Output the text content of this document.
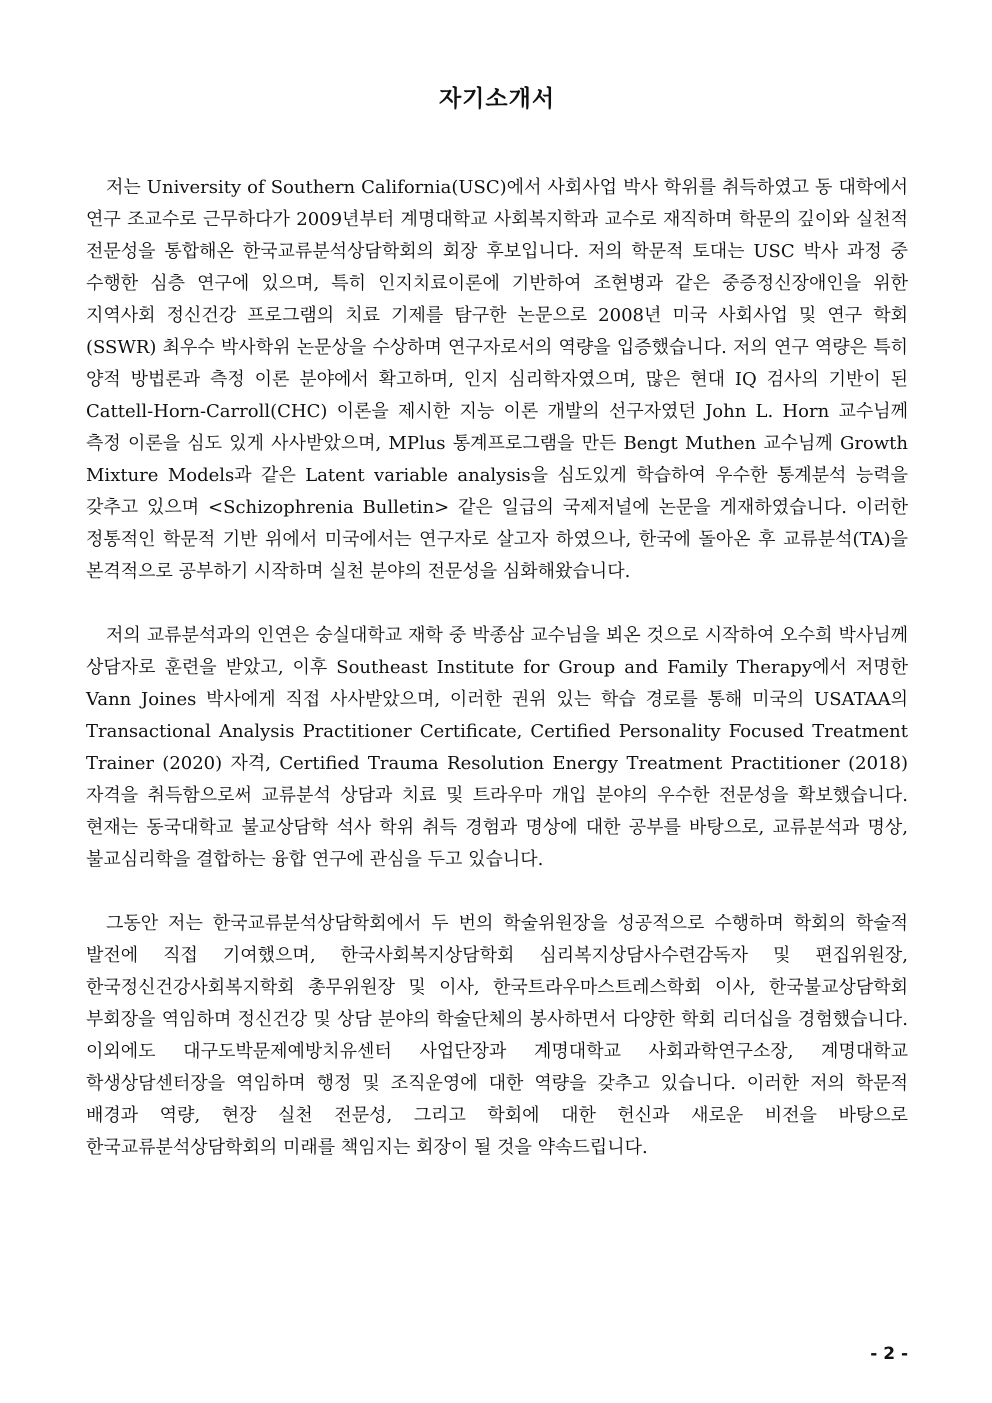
자기소개서

저는 University of Southern California(USC)에서 사회사업 박사 학위를 취득하였고 동 대학에서 연구 조교수로 근무하다가 2009년부터 계명대학교 사회복지학과 교수로 재직하며 학문의 깊이와 실천적 전문성을 통합해온 한국교류분석상담학회의 회장 후보입니다. 저의 학문적 토대는 USC 박사 과정 중 수행한 심층 연구에 있으며, 특히 인지치료이론에 기반하여 조현병과 같은 중증정신장애인을 위한 지역사회 정신건강 프로그램의 치료 기제를 탐구한 논문으로 2008년 미국 사회사업 및 연구 학회(SSWR) 최우수 박사학위 논문상을 수상하며 연구자로서의 역량을 입증했습니다. 저의 연구 역량은 특히 양적 방법론과 측정 이론 분야에서 확고하며, 인지 심리학자였으며, 많은 현대 IQ 검사의 기반이 된 Cattell-Horn-Carroll(CHC) 이론을 제시한 지능 이론 개발의 선구자였던 John L. Horn 교수님께 측정 이론을 심도 있게 사사받았으며, MPlus 통계프로그램을 만든 Bengt Muthen 교수님께 Growth Mixture Models과 같은 Latent variable analysis을 심도있게 학습하여 우수한 통계분석 능력을 갖추고 있으며 <Schizophrenia Bulletin> 같은 일급의 국제저널에 논문을 게재하였습니다. 이러한 정통적인 학문적 기반 위에서 미국에서는 연구자로 살고자 하였으나, 한국에 돌아온 후 교류분석(TA)을 본격적으로 공부하기 시작하며 실천 분야의 전문성을 심화해왔습니다.

저의 교류분석과의 인연은 숭실대학교 재학 중 박종삼 교수님을 뵈온 것으로 시작하여 오수희 박사님께 상담자로 훈련을 받았고, 이후 Southeast Institute for Group and Family Therapy에서 저명한 Vann Joines 박사에게 직접 사사받았으며, 이러한 권위 있는 학습 경로를 통해 미국의 USATAA의 Transactional Analysis Practitioner Certificate, Certified Personality Focused Treatment Trainer (2020) 자격, Certified Trauma Resolution Energy Treatment Practitioner (2018) 자격을 취득함으로써 교류분석 상담과 치료 및 트라우마 개입 분야의 우수한 전문성을 확보했습니다. 현재는 동국대학교 불교상담학 석사 학위 취득 경험과 명상에 대한 공부를 바탕으로, 교류분석과 명상, 불교심리학을 결합하는 융합 연구에 관심을 두고 있습니다.

그동안 저는 한국교류분석상담학회에서 두 번의 학술위원장을 성공적으로 수행하며 학회의 학술적 발전에 직접 기여했으며, 한국사회복지상담학회 심리복지상담사수련감독자 및 편집위원장, 한국정신건강사회복지학회 총무위원장 및 이사, 한국트라우마스트레스학회 이사, 한국불교상담학회 부회장을 역임하며 정신건강 및 상담 분야의 학술단체의 봉사하면서 다양한 학회 리더십을 경험했습니다. 이외에도 대구도박문제예방치유센터 사업단장과 계명대학교 사회과학연구소장, 계명대학교 학생상담센터장을 역임하며 행정 및 조직운영에 대한 역량을 갖추고 있습니다. 이러한 저의 학문적 배경과 역량, 현장 실천 전문성, 그리고 학회에 대한 헌신과 새로운 비전을 바탕으로 한국교류분석상담학회의 미래를 책임지는 회장이 될 것을 약속드립니다.

- 2 -
